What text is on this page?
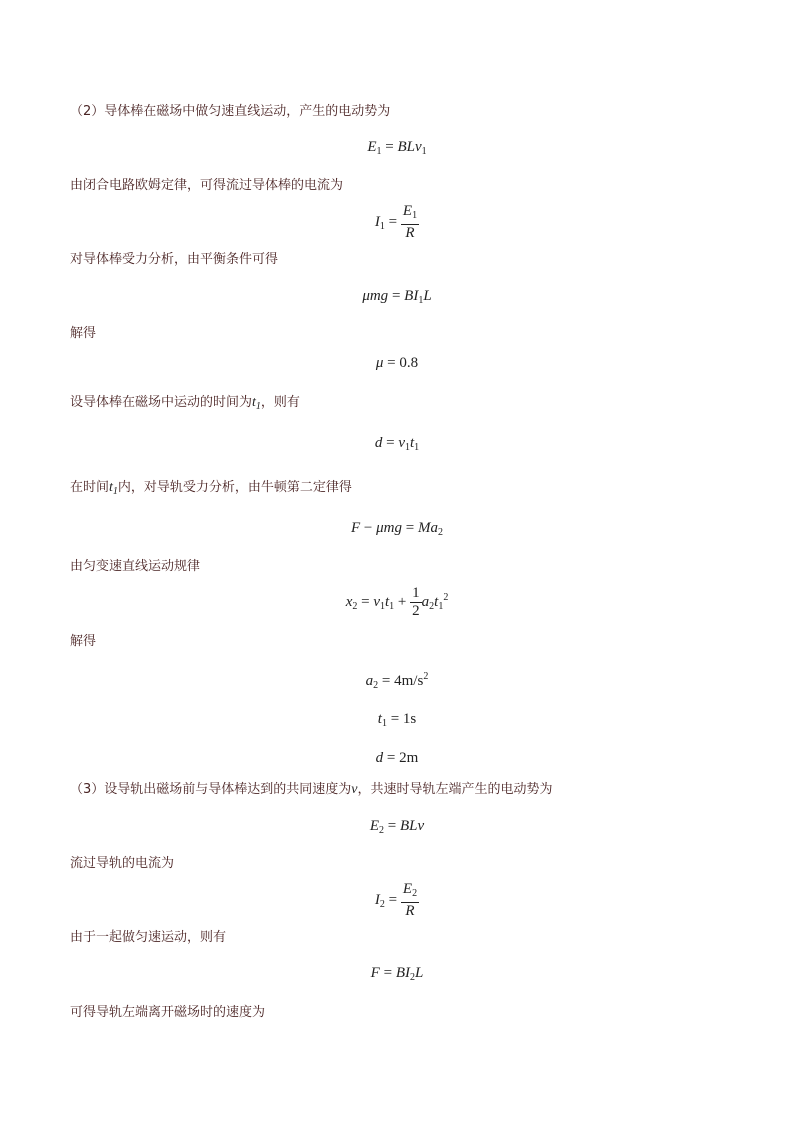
（2）导体棒在磁场中做匀速直线运动，产生的电动势为
$E_1 = BLv_1$
由闭合电路欧姆定律，可得流过导体棒的电流为
$I_1 = \frac{E_1}{R}$
对导体棒受力分析，由平衡条件可得
$\mu mg = BI_1L$
解得
μ = 0.8
设导体棒在磁场中运动的时间为$t_1$，则有
$d = v_1t_1$
在时间$t_1$内，对导轨受力分析，由牛顿第二定律得
$F - \mu mg = Ma_2$
由匀变速直线运动规律
$x_2 = v_1t_1 + \frac{1}{2} a_2t_1^2$
解得
$a_2 = 4m/s^2$
$t_1 = 1s$
d = 2m
（3）设导轨出磁场前与导体棒达到的共同速度为v，共速时导轨左端产生的电动势为
$E_2$ = BLv
流过导轨的电流为
$I_2 = \frac{E_2}{R}$
由于一起做匀速运动，则有
$F = BI_2L$
可得导轨左端离开磁场时的速度为
